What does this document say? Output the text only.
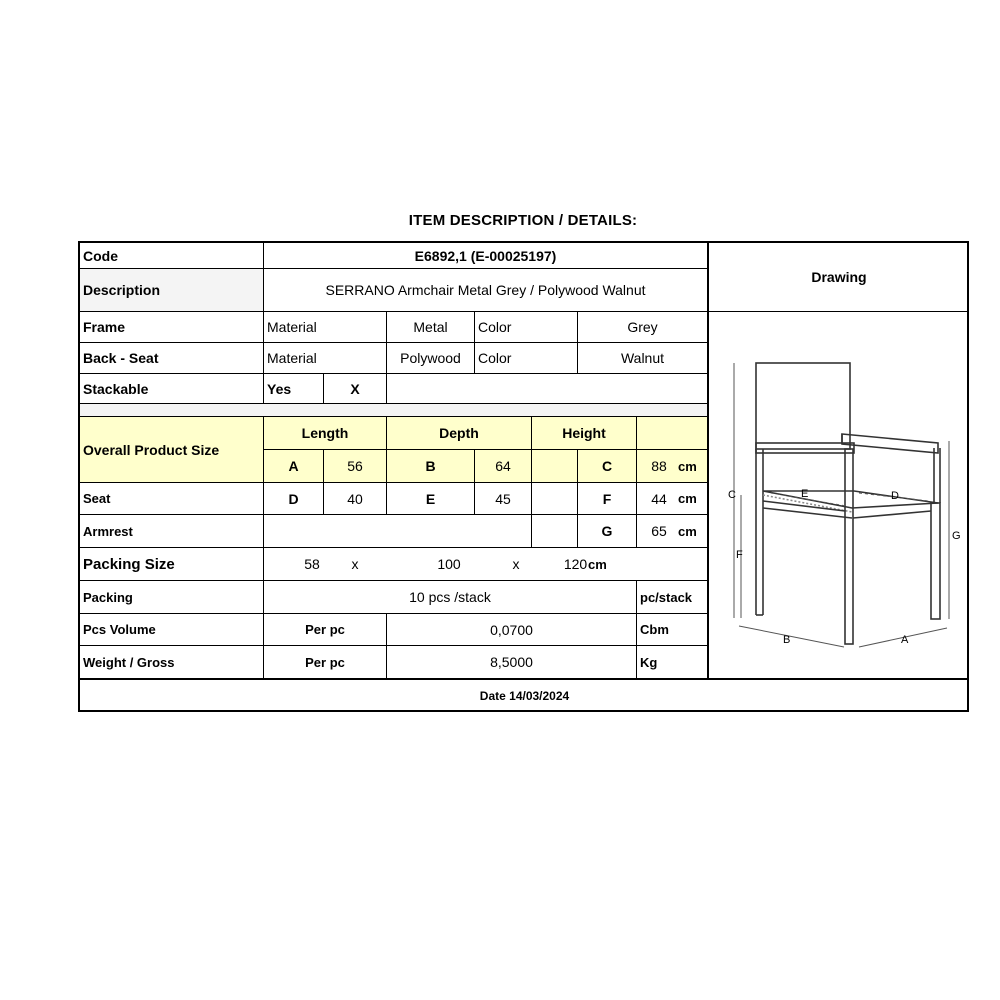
ITEM DESCRIPTION / DETAILS:
Code	E6892,1 (E-00025197)
Description	SERRANO Armchair Metal Grey / Polywood Walnut
Frame	Material	Metal	Color	Grey
Back - Seat	Material	Polywood	Color	Walnut
Stackable	Yes	X
Overall Product Size
Length	Depth	Height
A	56	B	64	C	88 cm
Seat	D	40	E	45	F	44 cm
Armrest	G	65 cm
Packing Size	58	x	100	x	120 cm
Packing	10 pcs /stack	pc/stack
Pcs Volume	Per pc	0,0700	Cbm
Weight / Gross	Per pc	8,5000	Kg
Date 14/03/2024
Drawing
C
F
G
E	D
B	A
